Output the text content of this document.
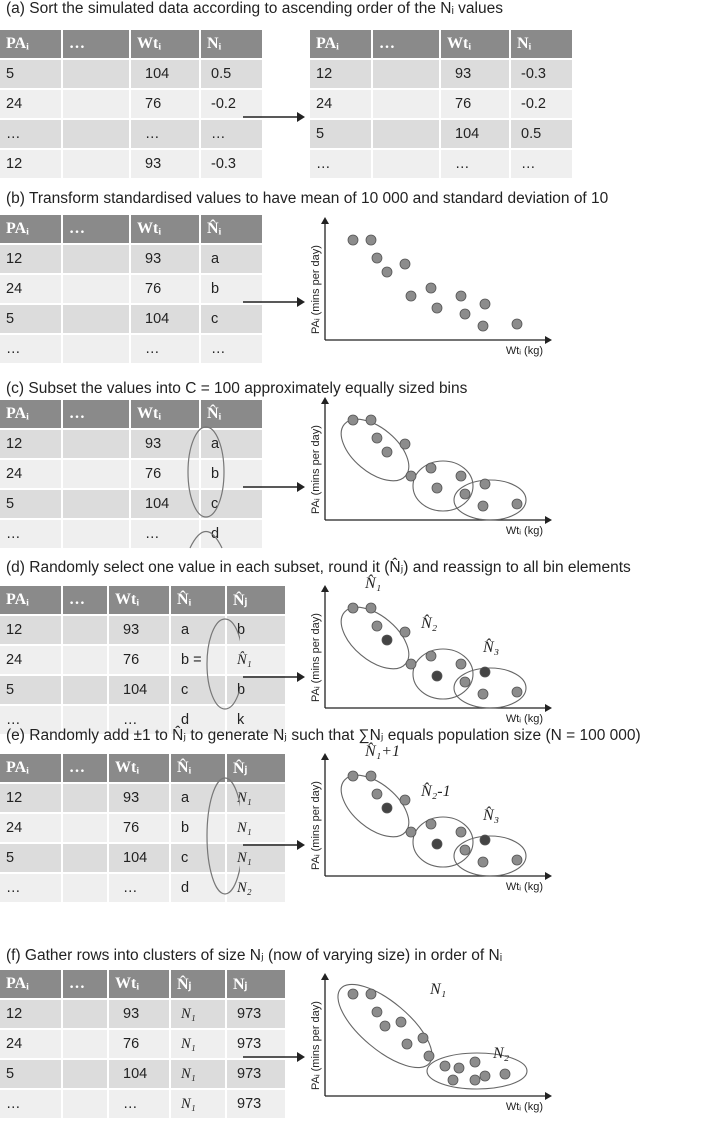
(a) Sort the simulated data according to ascending order of the Nᵢ values
PAᵢ	…	Wtᵢ	Nᵢ
5		104	0.5
24		76	-0.2
…		…	…
12		93	-0.3
PAᵢ	…	Wtᵢ	Nᵢ
12		93	-0.3
24		76	-0.2
5		104	0.5
…		…	…
(b) Transform standardised values to have mean of 10 000 and standard deviation of 10
PAᵢ	…	Wtᵢ	N̂ᵢ
12		93	a
24		76	b
5		104	c
…		…	…
PAᵢ (mins per day)
Wtᵢ (kg)
(c) Subset the values into C = 100 approximately equally sized bins
PAᵢ	…	Wtᵢ	N̂ᵢ
12		93	a
24		76	b
5		104	c
…		…	d
PAᵢ (mins per day)
Wtᵢ (kg)
(d) Randomly select one value in each subset, round it (N̂ⱼ) and reassign to all bin elements
PAᵢ	…	Wtᵢ	N̂ᵢ	N̂ⱼ
12		93	a	b
24		76	b =	N̂₁
5		104	c	b
…		…	d	k
N̂₁
N̂₂
N̂₃
PAᵢ (mins per day)
Wtᵢ (kg)
(e) Randomly add ±1 to N̂ⱼ to generate Nⱼ such that ∑Nⱼ equals population size (N = 100 000)
PAᵢ	…	Wtᵢ	N̂ᵢ	N̂ⱼ
12		93	a	N₁
24		76	b	N₁
5		104	c	N₁
…		…	d	N₂
N̂₁+1
N̂₂-1
N̂₃
PAᵢ (mins per day)
Wtᵢ (kg)
(f) Gather rows into clusters of size Nⱼ (now of varying size) in order of Nᵢ
PAᵢ	…	Wtᵢ	N̂ⱼ	Nⱼ
12		93	N₁	973
24		76	N₁	973
5		104	N₁	973
…		…	N₁	973
N₁
N₂
PAᵢ (mins per day)
Wtᵢ (kg)
